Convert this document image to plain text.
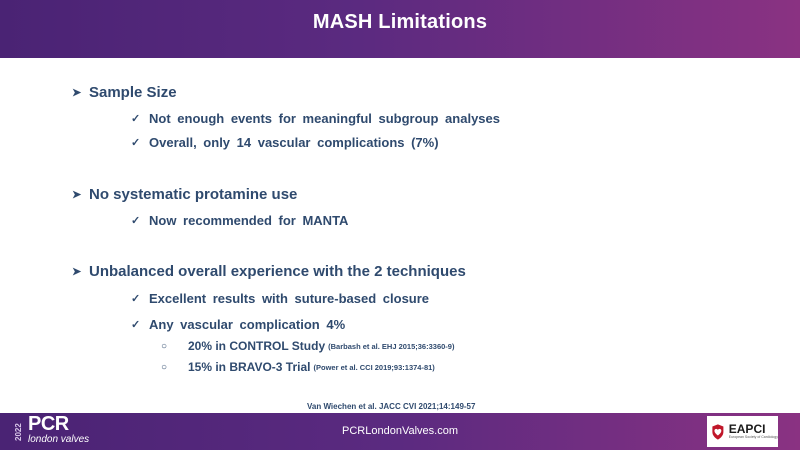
MASH Limitations
➤ Sample Size
✓ Not enough events for meaningful subgroup analyses
✓ Overall, only 14 vascular complications (7%)
➤ No systematic protamine use
✓ Now recommended for MANTA
➤ Unbalanced overall experience with the 2 techniques
✓ Excellent results with suture-based closure
✓ Any vascular complication 4%
○	20% in CONTROL Study (Barbash et al. EHJ 2015;36:3360-9)
○	15% in BRAVO-3 Trial (Power et al. CCI 2019;93:1374-81)
Van Wiechen et al. JACC CVI 2021;14:149-57
2022 PCR
london valves
PCRLondonValves.com	EAPCI
European Society of Cardiology
